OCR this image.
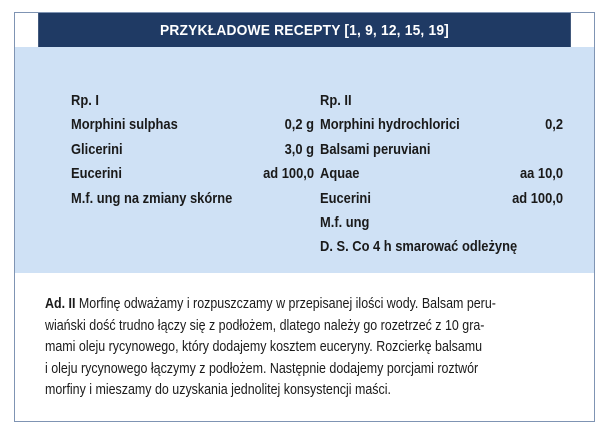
PRZYKŁADOWE RECEPTY [1, 9, 12, 15, 19]
Rp. I
Morphini sulphas	0,2 g
Glicerini	3,0 g
Eucerini	ad 100,0
M.f. ung na zmiany skórne
Rp. II
Morphini hydrochlorici	0,2
Balsami peruviani
Aquae	aa 10,0
Eucerini	ad 100,0
M.f. ung
D. S. Co 4 h smarować odleżynę
Ad. II Morfinę odważamy i rozpuszczamy w przepisanej ilości wody. Balsam peru-
wiański dość trudno łączy się z podłożem, dlatego należy go rozetrzeć z 10 gra-
mami oleju rycynowego, który dodajemy kosztem euceryny. Rozcierkę balsamu
i oleju rycynowego łączymy z podłożem. Następnie dodajemy porcjami roztwór
morfiny i mieszamy do uzyskania jednolitej konsystencji maści.
